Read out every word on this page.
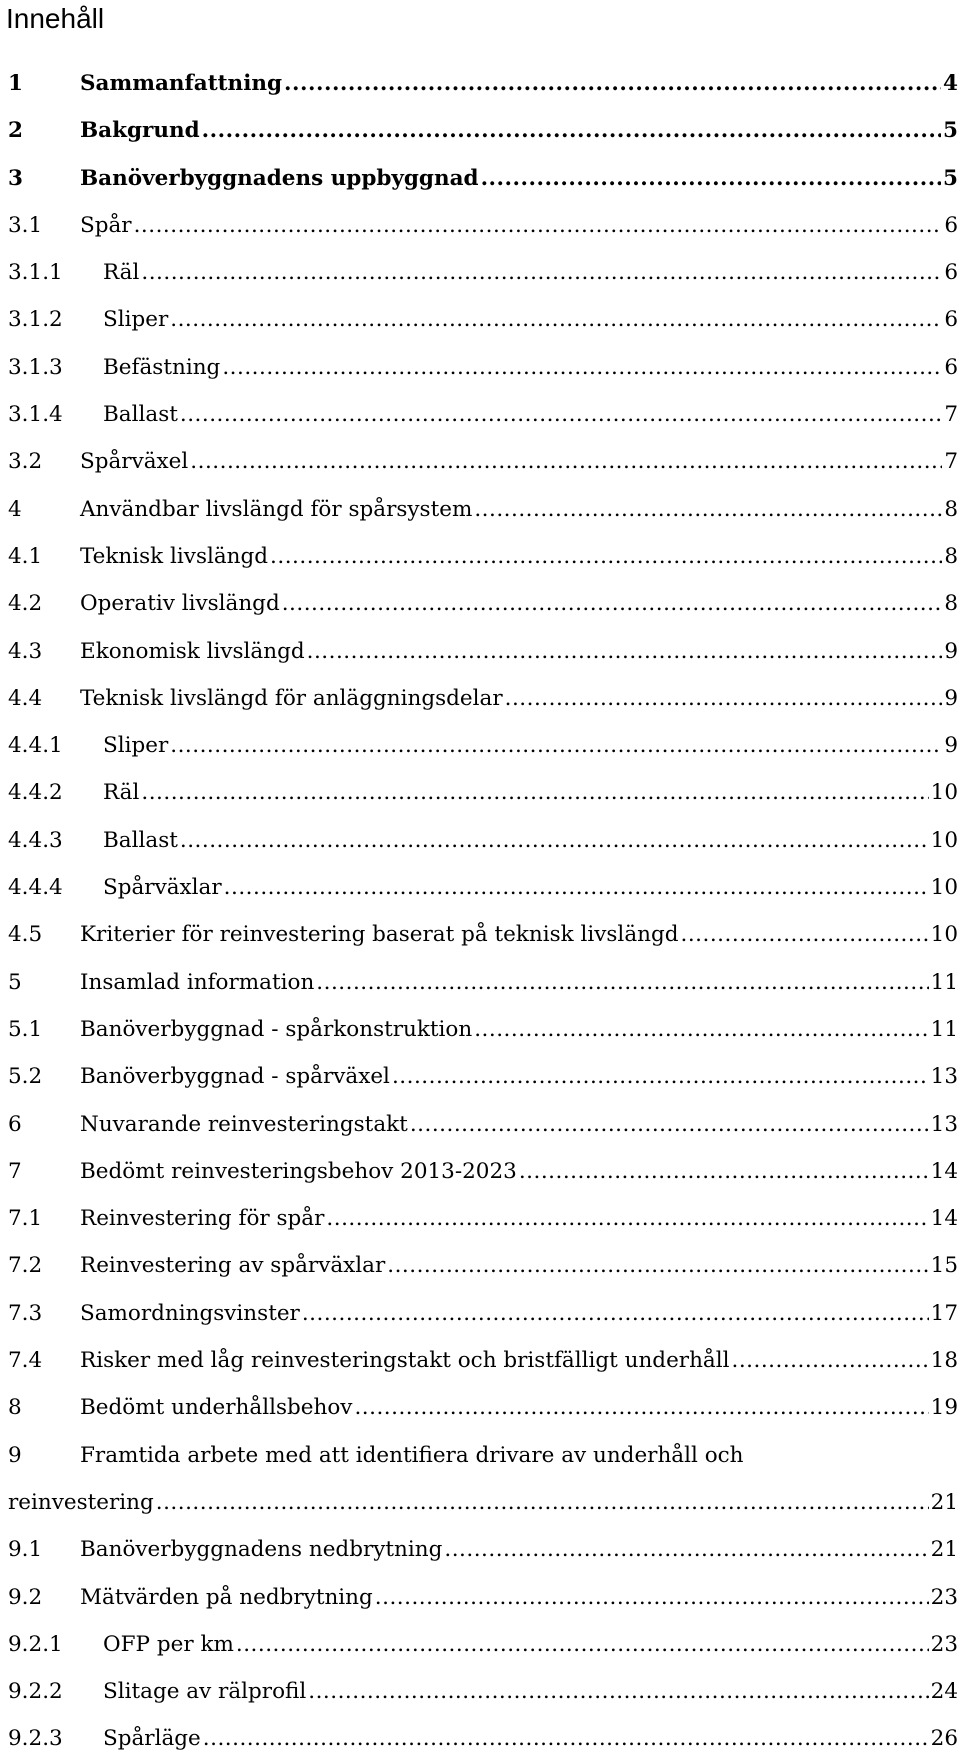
Innehåll
1	Sammanfattning .....	4
2	Bakgrund .....	5
3	Banöverbyggnadens uppbyggnad .....	5
3.1	Spår .....	6
3.1.1	Räl .....	6
3.1.2	Sliper .....	6
3.1.3	Befästning .....	6
3.1.4	Ballast .....	7
3.2	Spårväxel .....	7
4	Användbar livslängd för spårsystem .....	8
4.1	Teknisk livslängd .....	8
4.2	Operativ livslängd .....	8
4.3	Ekonomisk livslängd .....	9
4.4	Teknisk livslängd för anläggningsdelar .....	9
4.4.1	Sliper .....	9
4.4.2	Räl .....	10
4.4.3	Ballast .....	10
4.4.4	Spårväxlar .....	10
4.5	Kriterier för reinvestering baserat på teknisk livslängd .....	10
5	Insamlad information .....	11
5.1	Banöverbyggnad - spårkonstruktion .....	11
5.2	Banöverbyggnad - spårväxel .....	13
6	Nuvarande reinvesteringstakt .....	13
7	Bedömt reinvesteringsbehov 2013-2023 .....	14
7.1	Reinvestering för spår .....	14
7.2	Reinvestering av spårväxlar .....	15
7.3	Samordningsvinster .....	17
7.4	Risker med låg reinvesteringstakt och bristfälligt underhåll .....	18
8	Bedömt underhållsbehov .....	19
9	Framtida arbete med att identifiera drivare av underhåll och
reinvestering .....	21
9.1	Banöverbyggnadens nedbrytning .....	21
9.2	Mätvärden på nedbrytning .....	23
9.2.1	OFP per km .....	23
9.2.2	Slitage av rälprofil .....	24
9.2.3	Spårläge .....	26
